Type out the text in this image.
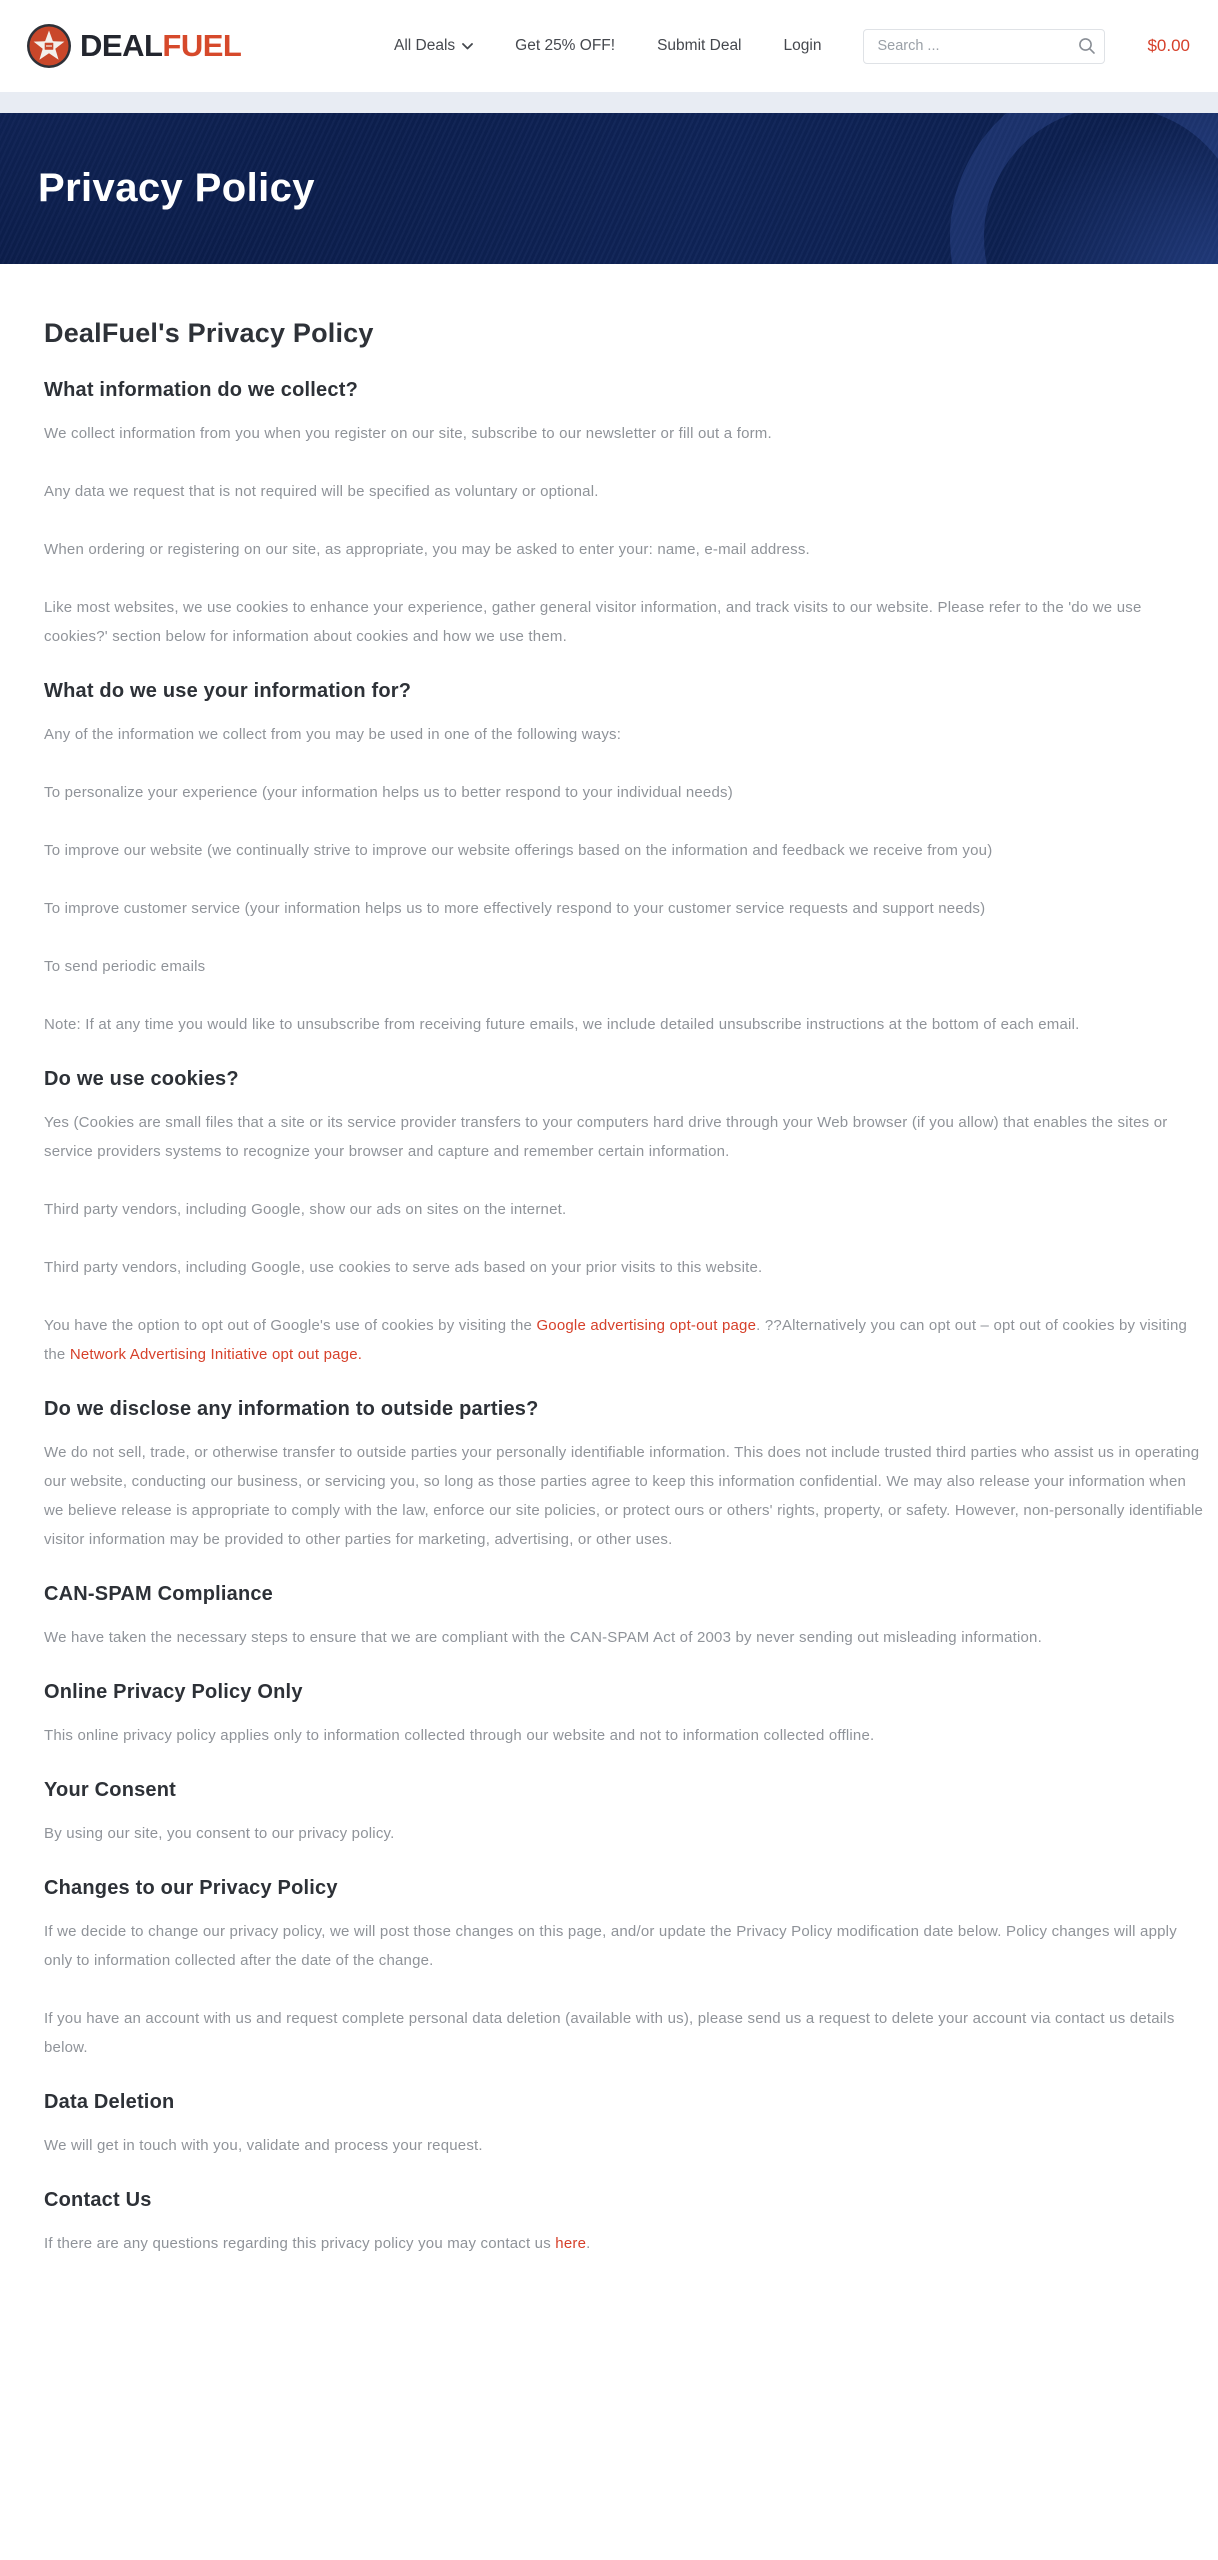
DEALFUEL	All Deals	Get 25% OFF!	Submit Deal	Login
Search ...	$0.00
Privacy Policy
DealFuel's Privacy Policy
What information do we collect?

We collect information from you when you register on our site, subscribe to our newsletter or fill out a form.

Any data we request that is not required will be specified as voluntary or optional.

When ordering or registering on our site, as appropriate, you may be asked to enter your: name, e-mail address.

Like most websites, we use cookies to enhance your experience, gather general visitor information, and track visits to our website. Please refer to the 'do we use cookies?' section below for information about cookies and how we use them.

What do we use your information for?

Any of the information we collect from you may be used in one of the following ways:

To personalize your experience (your information helps us to better respond to your individual needs)

To improve our website (we continually strive to improve our website offerings based on the information and feedback we receive from you)

To improve customer service (your information helps us to more effectively respond to your customer service requests and support needs)

To send periodic emails

Note: If at any time you would like to unsubscribe from receiving future emails, we include detailed unsubscribe instructions at the bottom of each email.

Do we use cookies?

Yes (Cookies are small files that a site or its service provider transfers to your computers hard drive through your Web browser (if you allow) that enables the sites or service providers systems to recognize your browser and capture and remember certain information.

Third party vendors, including Google, show our ads on sites on the internet.

Third party vendors, including Google, use cookies to serve ads based on your prior visits to this website.

You have the option to opt out of Google's use of cookies by visiting the Google advertising opt-out page. ??Alternatively you can opt out – opt out of cookies by visiting the Network Advertising Initiative opt out page.

Do we disclose any information to outside parties?

We do not sell, trade, or otherwise transfer to outside parties your personally identifiable information. This does not include trusted third parties who assist us in operating our website, conducting our business, or servicing you, so long as those parties agree to keep this information confidential. We may also release your information when we believe release is appropriate to comply with the law, enforce our site policies, or protect ours or others' rights, property, or safety. However, non-personally identifiable visitor information may be provided to other parties for marketing, advertising, or other uses.

CAN-SPAM Compliance

We have taken the necessary steps to ensure that we are compliant with the CAN-SPAM Act of 2003 by never sending out misleading information.

Online Privacy Policy Only

This online privacy policy applies only to information collected through our website and not to information collected offline.

Your Consent

By using our site, you consent to our privacy policy.

Changes to our Privacy Policy

If we decide to change our privacy policy, we will post those changes on this page, and/or update the Privacy Policy modification date below. Policy changes will apply only to information collected after the date of the change.

If you have an account with us and request complete personal data deletion (available with us), please send us a request to delete your account via contact us details below.

Data Deletion

We will get in touch with you, validate and process your request.

Contact Us

If there are any questions regarding this privacy policy you may contact us here.
